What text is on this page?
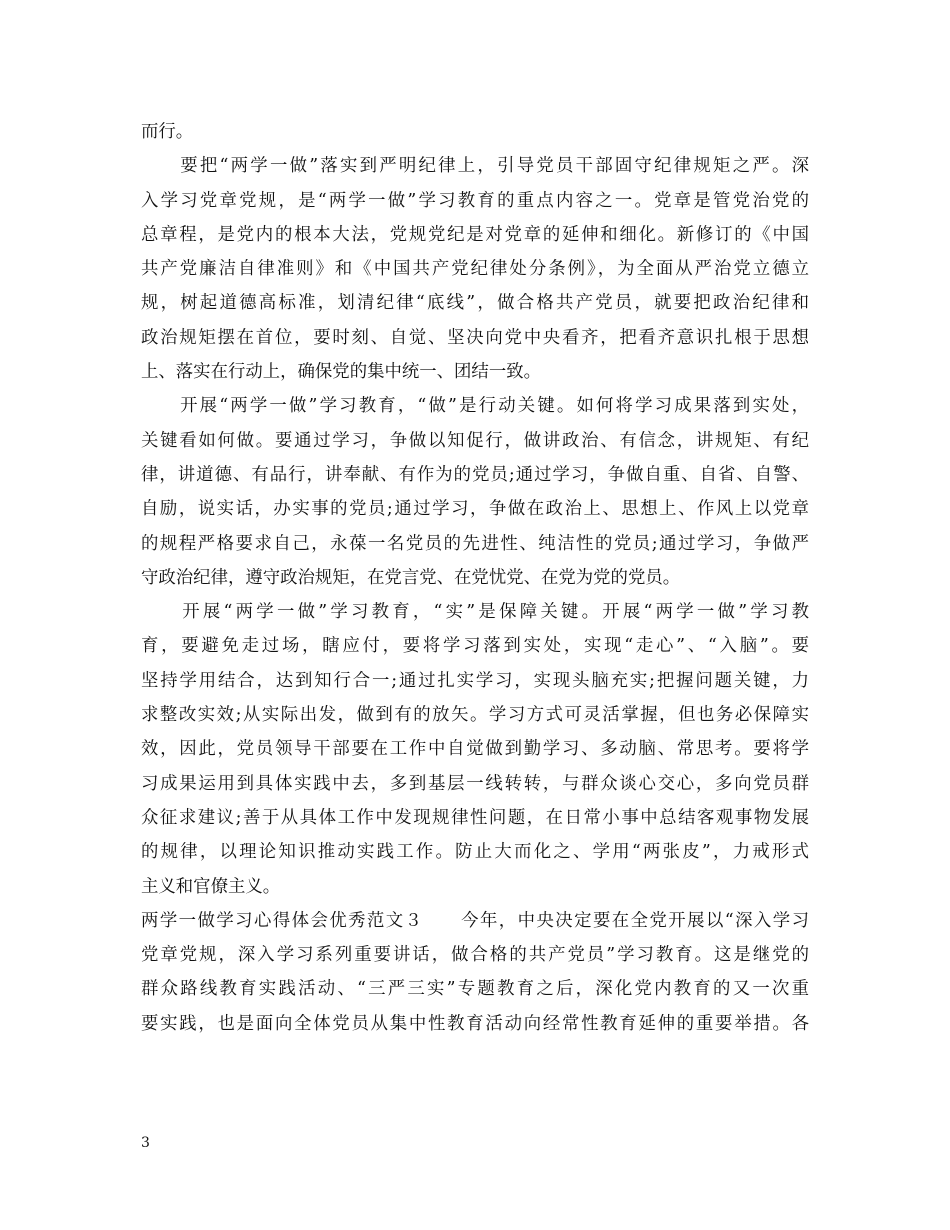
而行。
　　要把“两学一做”落实到严明纪律上，引导党员干部固守纪律规矩之严。深
入学习党章党规，是“两学一做”学习教育的重点内容之一。党章是管党治党的
总章程，是党内的根本大法，党规党纪是对党章的延伸和细化。新修订的《中国
共产党廉洁自律准则》和《中国共产党纪律处分条例》，为全面从严治党立德立
规，树起道德高标准，划清纪律“底线”，做合格共产党员，就要把政治纪律和
政治规矩摆在首位，要时刻、自觉、坚决向党中央看齐，把看齐意识扎根于思想
上、落实在行动上，确保党的集中统一、团结一致。
　　开展“两学一做”学习教育，“做”是行动关键。如何将学习成果落到实处，
关键看如何做。要通过学习，争做以知促行，做讲政治、有信念，讲规矩、有纪
律，讲道德、有品行，讲奉献、有作为的党员;通过学习，争做自重、自省、自警、
自励，说实话，办实事的党员;通过学习，争做在政治上、思想上、作风上以党章
的规程严格要求自己，永葆一名党员的先进性、纯洁性的党员;通过学习，争做严
守政治纪律，遵守政治规矩，在党言党、在党忧党、在党为党的党员。
　　开展“两学一做”学习教育，“实”是保障关键。开展“两学一做”学习教
育，要避免走过场，瞎应付，要将学习落到实处，实现“走心”、“入脑”。要
坚持学用结合，达到知行合一;通过扎实学习，实现头脑充实;把握问题关键，力
求整改实效;从实际出发，做到有的放矢。学习方式可灵活掌握，但也务必保障实
效，因此，党员领导干部要在工作中自觉做到勤学习、多动脑、常思考。要将学
习成果运用到具体实践中去，多到基层一线转转，与群众谈心交心，多向党员群
众征求建议;善于从具体工作中发现规律性问题，在日常小事中总结客观事物发展
的规律，以理论知识推动实践工作。防止大而化之、学用“两张皮”，力戒形式
主义和官僚主义。
两学一做学习心得体会优秀范文３　　今年，中央决定要在全党开展以“深入学习
党章党规，深入学习系列重要讲话，做合格的共产党员”学习教育。这是继党的
群众路线教育实践活动、“三严三实”专题教育之后，深化党内教育的又一次重
要实践，也是面向全体党员从集中性教育活动向经常性教育延伸的重要举措。各
3
